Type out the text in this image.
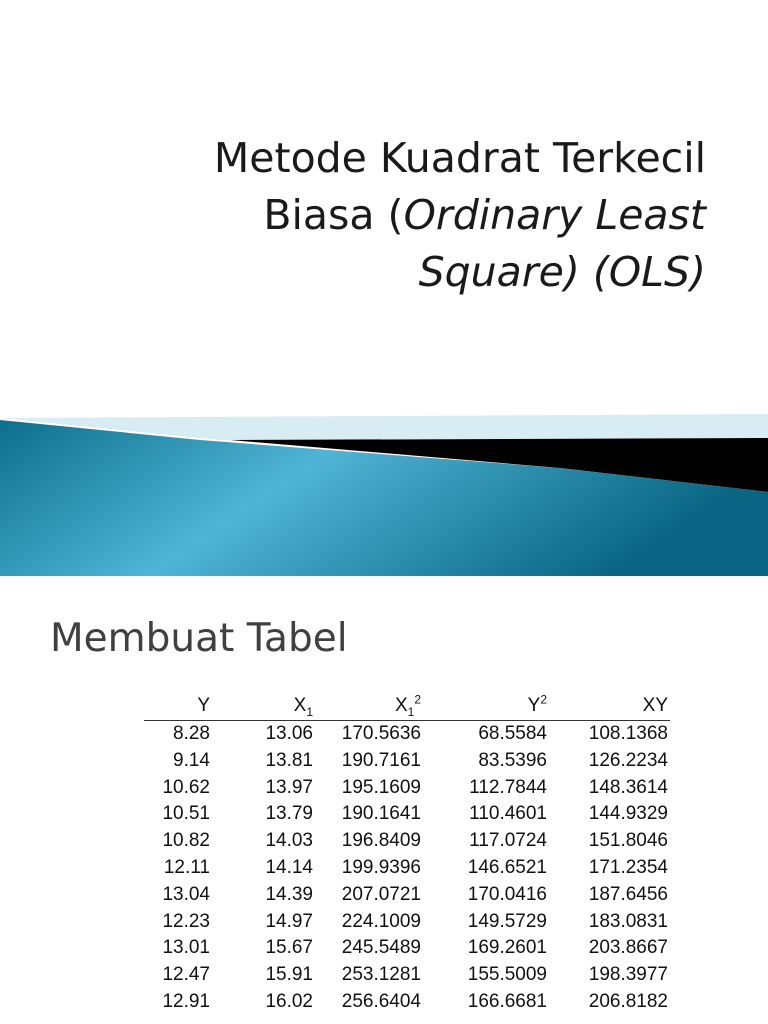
Metode Kuadrat Terkecil
Biasa (Ordinary Least
Square) (OLS)
Membuat Tabel
Y	$X_1$	$X_1^2$	$Y^2$	XY
8.28	13.06	170.5636	68.5584	108.1368
9.14	13.81	190.7161	83.5396	126.2234
10.62	13.97	195.1609	112.7844	148.3614
10.51	13.79	190.1641	110.4601	144.9329
10.82	14.03	196.8409	117.0724	151.8046
12.11	14.14	199.9396	146.6521	171.2354
13.04	14.39	207.0721	170.0416	187.6456
12.23	14.97	224.1009	149.5729	183.0831
13.01	15.67	245.5489	169.2601	203.8667
12.47	15.91	253.1281	155.5009	198.3977
12.91	16.02	256.6404	166.6681	206.8182
